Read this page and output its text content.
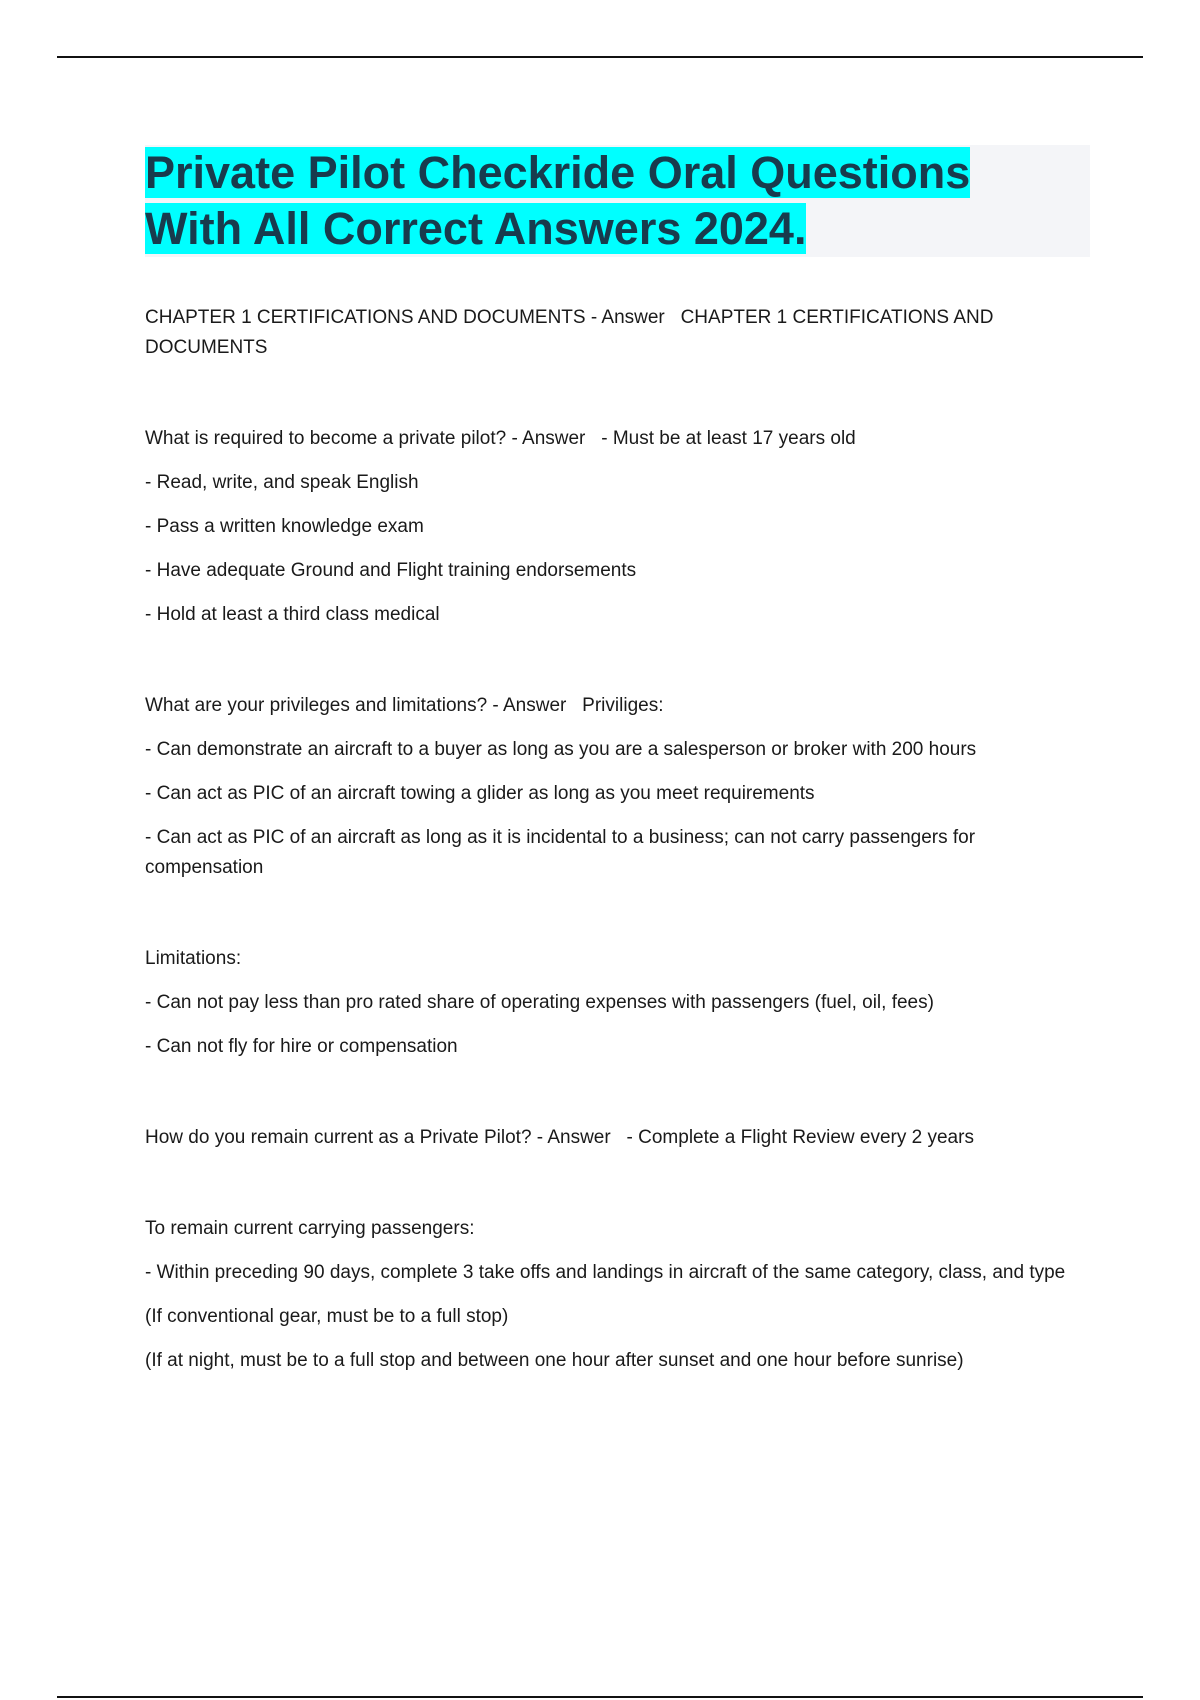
Private Pilot Checkride Oral Questions
With All Correct Answers 2024.

CHAPTER 1 CERTIFICATIONS AND DOCUMENTS - Answer   CHAPTER 1 CERTIFICATIONS AND DOCUMENTS

What is required to become a private pilot? - Answer   - Must be at least 17 years old

- Read, write, and speak English

- Pass a written knowledge exam

- Have adequate Ground and Flight training endorsements

- Hold at least a third class medical

What are your privileges and limitations? - Answer   Priviliges:

- Can demonstrate an aircraft to a buyer as long as you are a salesperson or broker with 200 hours

- Can act as PIC of an aircraft towing a glider as long as you meet requirements

- Can act as PIC of an aircraft as long as it is incidental to a business; can not carry passengers for compensation

Limitations:

- Can not pay less than pro rated share of operating expenses with passengers (fuel, oil, fees)

- Can not fly for hire or compensation

How do you remain current as a Private Pilot? - Answer   - Complete a Flight Review every 2 years

To remain current carrying passengers:

- Within preceding 90 days, complete 3 take offs and landings in aircraft of the same category, class, and type

(If conventional gear, must be to a full stop)

(If at night, must be to a full stop and between one hour after sunset and one hour before sunrise)
